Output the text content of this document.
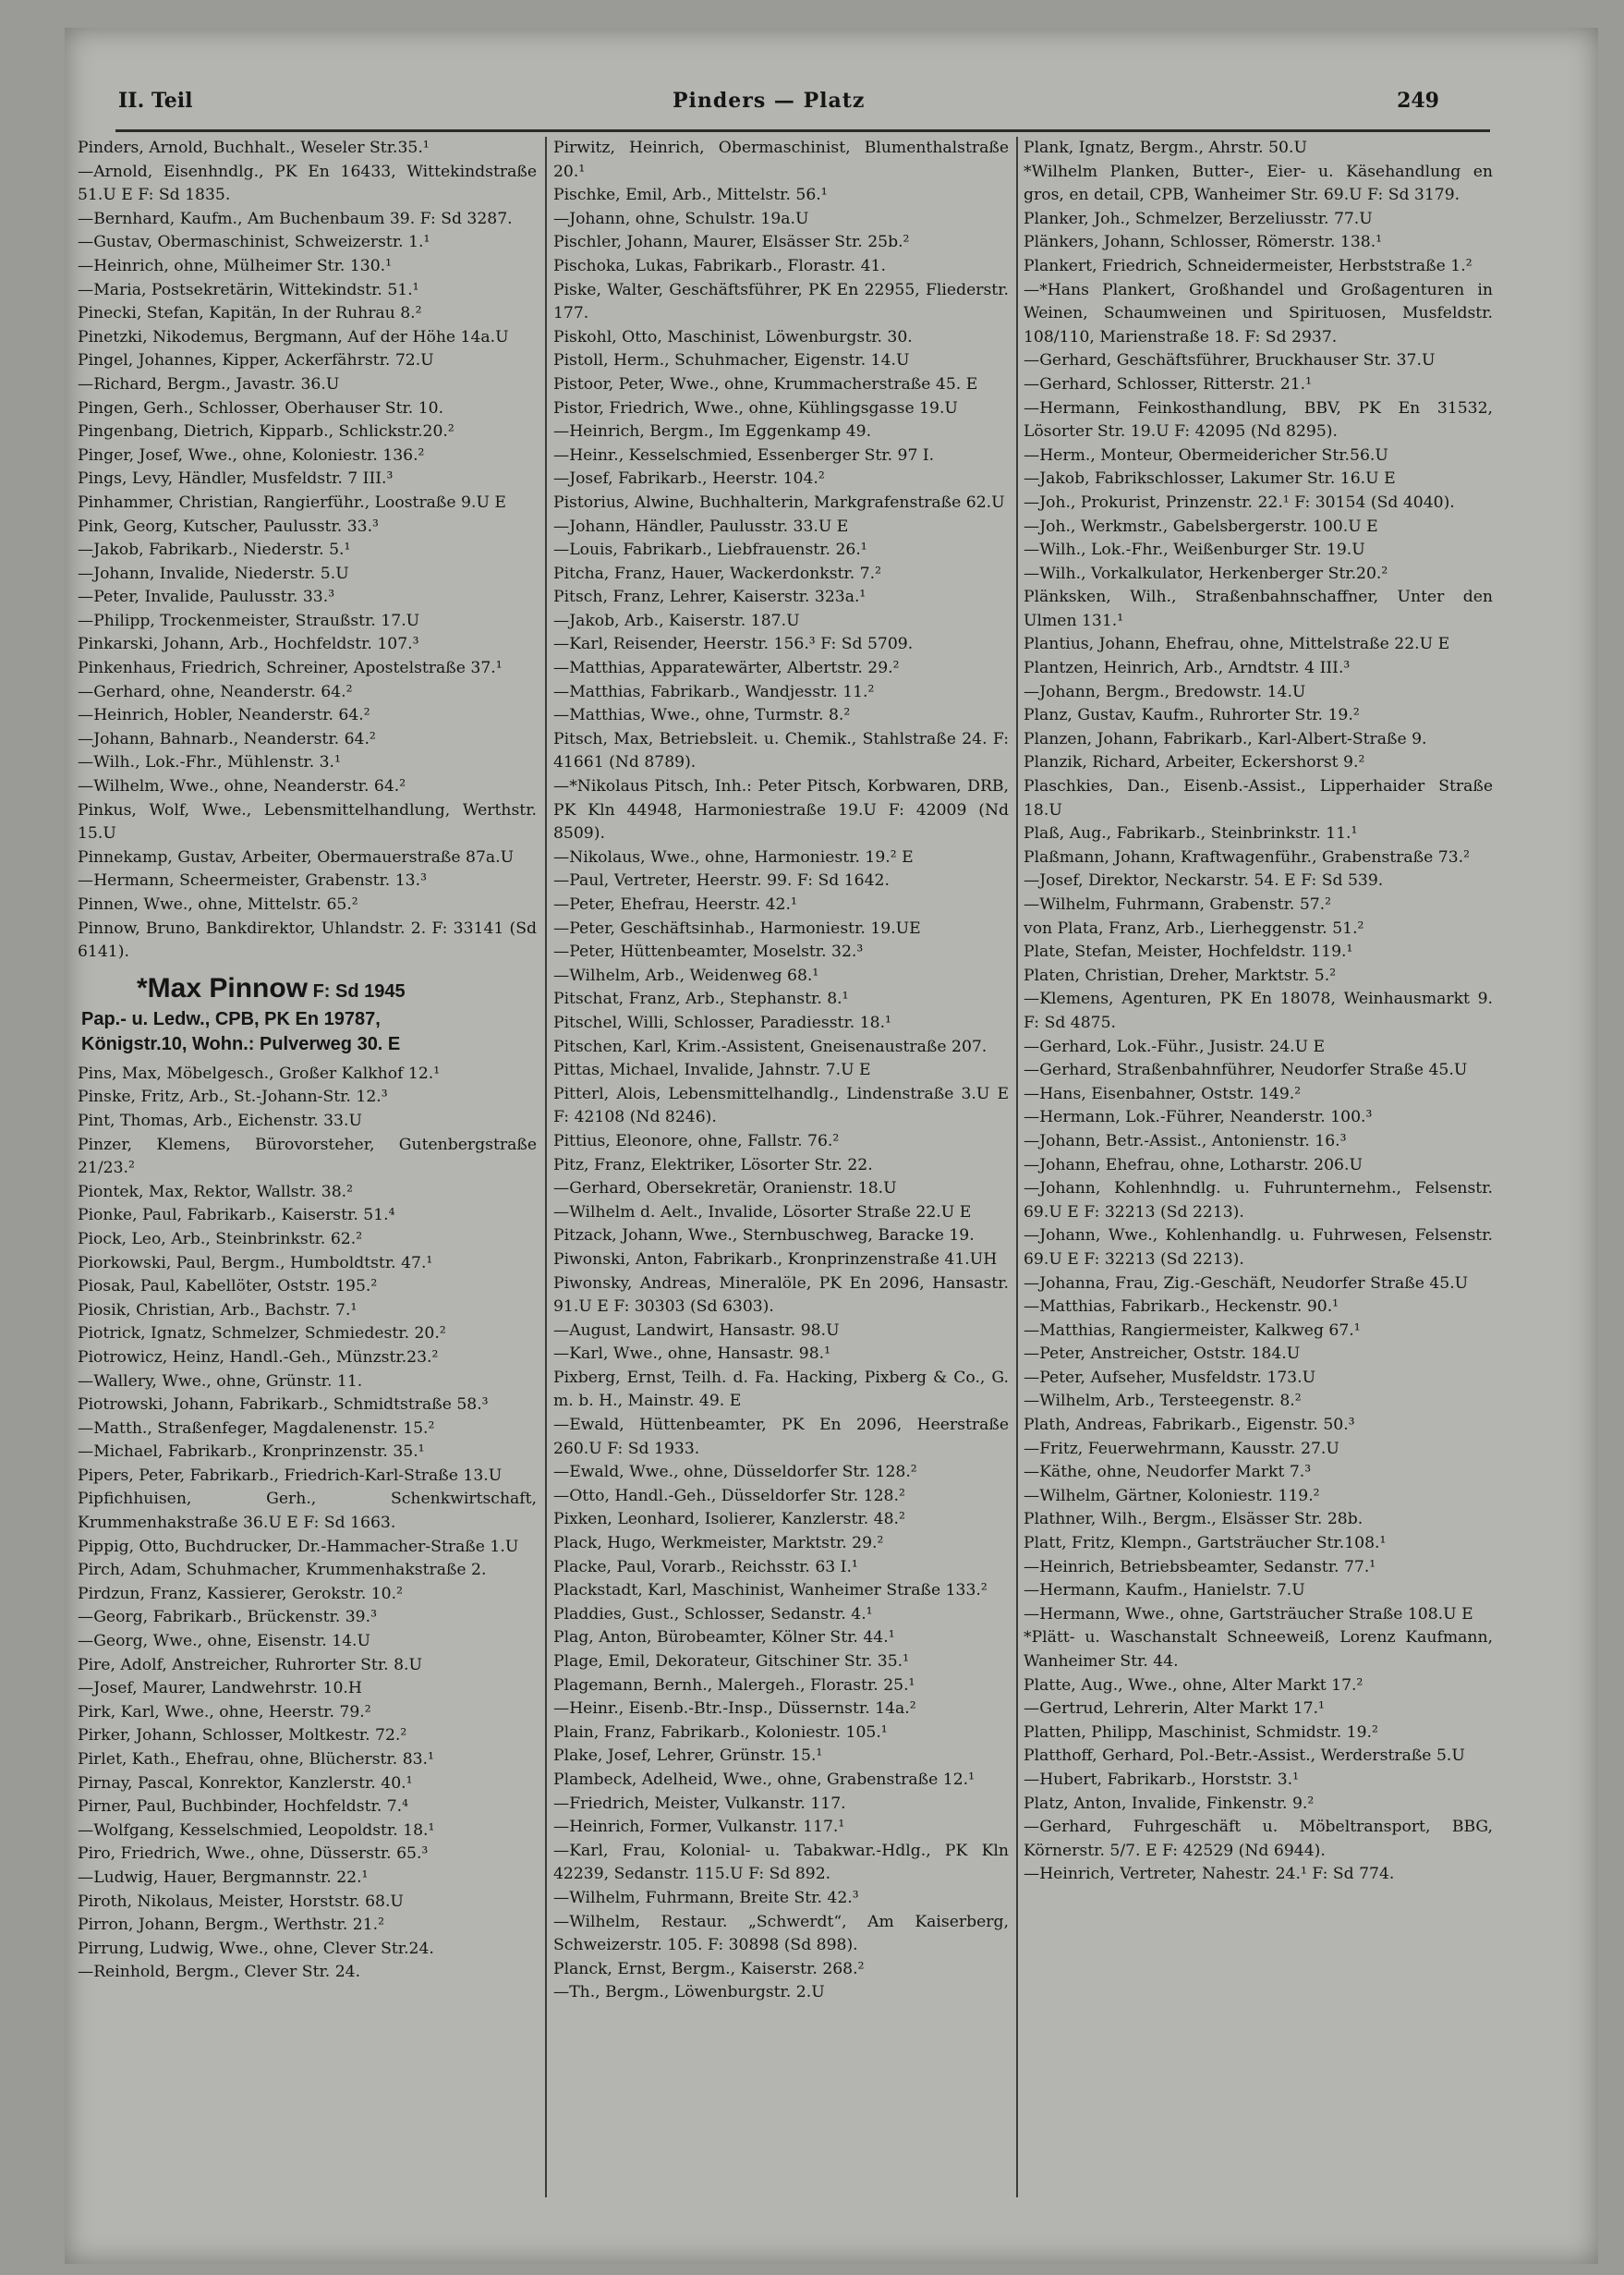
II. Teil	Pinders — Platz	249
Pinders, Arnold, Buchhalt., Weseler Str.35.¹
—Arnold, Eisenhndlg., PK En 16433, Wittekindstraße 51.U E F: Sd 1835.
—Bernhard, Kaufm., Am Buchenbaum 39. F: Sd 3287.
—Gustav, Obermaschinist, Schweizerstr. 1.¹
—Heinrich, ohne, Mülheimer Str. 130.¹
—Maria, Postsekretärin, Wittekindstr. 51.¹
Pinecki, Stefan, Kapitän, In der Ruhrau 8.²
Pinetzki, Nikodemus, Bergmann, Auf der Höhe 14a.U
Pingel, Johannes, Kipper, Ackerfährstr. 72.U
—Richard, Bergm., Javastr. 36.U
Pingen, Gerh., Schlosser, Oberhauser Str. 10.
Pingenbang, Dietrich, Kipparb., Schlickstr.20.²
Pinger, Josef, Wwe., ohne, Koloniestr. 136.²
Pings, Levy, Händler, Musfeldstr. 7 III.³
Pinhammer, Christian, Rangierführ., Loostraße 9.U E
Pink, Georg, Kutscher, Paulusstr. 33.³
—Jakob, Fabrikarb., Niederstr. 5.¹
—Johann, Invalide, Niederstr. 5.U
—Peter, Invalide, Paulusstr. 33.³
—Philipp, Trockenmeister, Straußstr. 17.U
Pinkarski, Johann, Arb., Hochfeldstr. 107.³
Pinkenhaus, Friedrich, Schreiner, Apostelstraße 37.¹
—Gerhard, ohne, Neanderstr. 64.²
—Heinrich, Hobler, Neanderstr. 64.²
—Johann, Bahnarb., Neanderstr. 64.²
—Wilh., Lok.-Fhr., Mühlenstr. 3.¹
—Wilhelm, Wwe., ohne, Neanderstr. 64.²
Pinkus, Wolf, Wwe., Lebensmittelhandlung, Werthstr. 15.U
Pinnekamp, Gustav, Arbeiter, Obermauerstraße 87a.U
—Hermann, Scheermeister, Grabenstr. 13.³
Pinnen, Wwe., ohne, Mittelstr. 65.²
Pinnow, Bruno, Bankdirektor, Uhlandstr. 2. F: 33141 (Sd 6141).
*Max Pinnow F: Sd 1945
Pap.- u. Ledw., CPB, PK En 19787,
Königstr.10, Wohn.: Pulverweg 30. E
Pins, Max, Möbelgesch., Großer Kalkhof 12.¹
Pinske, Fritz, Arb., St.-Johann-Str. 12.³
Pint, Thomas, Arb., Eichenstr. 33.U
Pinzer, Klemens, Bürovorsteher, Gutenbergstraße 21/23.²
Piontek, Max, Rektor, Wallstr. 38.²
Pionke, Paul, Fabrikarb., Kaiserstr. 51.⁴
Piock, Leo, Arb., Steinbrinkstr. 62.²
Piorkowski, Paul, Bergm., Humboldtstr. 47.¹
Piosak, Paul, Kabellöter, Oststr. 195.²
Piosik, Christian, Arb., Bachstr. 7.¹
Piotrick, Ignatz, Schmelzer, Schmiedestr. 20.²
Piotrowicz, Heinz, Handl.-Geh., Münzstr.23.²
—Wallery, Wwe., ohne, Grünstr. 11.
Piotrowski, Johann, Fabrikarb., Schmidtstraße 58.³
—Matth., Straßenfeger, Magdalenenstr. 15.²
—Michael, Fabrikarb., Kronprinzenstr. 35.¹
Pipers, Peter, Fabrikarb., Friedrich-Karl-Straße 13.U
Pipfichhuisen, Gerh., Schenkwirtschaft, Krummenhakstraße 36.U E F: Sd 1663.
Pippig, Otto, Buchdrucker, Dr.-Hammacher-Straße 1.U
Pirch, Adam, Schuhmacher, Krummenhakstraße 2.
Pirdzun, Franz, Kassierer, Gerokstr. 10.²
—Georg, Fabrikarb., Brückenstr. 39.³
—Georg, Wwe., ohne, Eisenstr. 14.U
Pire, Adolf, Anstreicher, Ruhrorter Str. 8.U
—Josef, Maurer, Landwehrstr. 10.H
Pirk, Karl, Wwe., ohne, Heerstr. 79.²
Pirker, Johann, Schlosser, Moltkestr. 72.²
Pirlet, Kath., Ehefrau, ohne, Blücherstr. 83.¹
Pirnay, Pascal, Konrektor, Kanzlerstr. 40.¹
Pirner, Paul, Buchbinder, Hochfeldstr. 7.⁴
—Wolfgang, Kesselschmied, Leopoldstr. 18.¹
Piro, Friedrich, Wwe., ohne, Düsserstr. 65.³
—Ludwig, Hauer, Bergmannstr. 22.¹
Piroth, Nikolaus, Meister, Horststr. 68.U
Pirron, Johann, Bergm., Werthstr. 21.²
Pirrung, Ludwig, Wwe., ohne, Clever Str.24.
—Reinhold, Bergm., Clever Str. 24.
Pirwitz, Heinrich, Obermaschinist, Blumenthalstraße 20.¹
Pischke, Emil, Arb., Mittelstr. 56.¹
—Johann, ohne, Schulstr. 19a.U
Pischler, Johann, Maurer, Elsässer Str. 25b.²
Pischoka, Lukas, Fabrikarb., Florastr. 41.
Piske, Walter, Geschäftsführer, PK En 22955, Fliederstr. 177.
Piskohl, Otto, Maschinist, Löwenburgstr. 30.
Pistoll, Herm., Schuhmacher, Eigenstr. 14.U
Pistoor, Peter, Wwe., ohne, Krummacherstraße 45. E
Pistor, Friedrich, Wwe., ohne, Kühlingsgasse 19.U
—Heinrich, Bergm., Im Eggenkamp 49.
—Heinr., Kesselschmied, Essenberger Str. 97 I.
—Josef, Fabrikarb., Heerstr. 104.²
Pistorius, Alwine, Buchhalterin, Markgrafenstraße 62.U
—Johann, Händler, Paulusstr. 33.U E
—Louis, Fabrikarb., Liebfrauenstr. 26.¹
Pitcha, Franz, Hauer, Wackerdonkstr. 7.²
Pitsch, Franz, Lehrer, Kaiserstr. 323a.¹
—Jakob, Arb., Kaiserstr. 187.U
—Karl, Reisender, Heerstr. 156.³ F: Sd 5709.
—Matthias, Apparatewärter, Albertstr. 29.²
—Matthias, Fabrikarb., Wandjesstr. 11.²
—Matthias, Wwe., ohne, Turmstr. 8.²
Pitsch, Max, Betriebsleit. u. Chemik., Stahlstraße 24. F: 41661 (Nd 8789).
—*Nikolaus Pitsch, Inh.: Peter Pitsch, Korbwaren, DRB, PK Kln 44948, Harmoniestraße 19.U F: 42009 (Nd 8509).
—Nikolaus, Wwe., ohne, Harmoniestr. 19.² E
—Paul, Vertreter, Heerstr. 99. F: Sd 1642.
—Peter, Ehefrau, Heerstr. 42.¹
—Peter, Geschäftsinhab., Harmoniestr. 19.UE
—Peter, Hüttenbeamter, Moselstr. 32.³
—Wilhelm, Arb., Weidenweg 68.¹
Pitschat, Franz, Arb., Stephanstr. 8.¹
Pitschel, Willi, Schlosser, Paradiesstr. 18.¹
Pitschen, Karl, Krim.-Assistent, Gneisenaustraße 207.
Pittas, Michael, Invalide, Jahnstr. 7.U E
Pitterl, Alois, Lebensmittelhandlg., Lindenstraße 3.U E F: 42108 (Nd 8246).
Pittius, Eleonore, ohne, Fallstr. 76.²
Pitz, Franz, Elektriker, Lösorter Str. 22.
—Gerhard, Obersekretär, Oranienstr. 18.U
—Wilhelm d. Aelt., Invalide, Lösorter Straße 22.U E
Pitzack, Johann, Wwe., Sternbuschweg, Baracke 19.
Piwonski, Anton, Fabrikarb., Kronprinzenstraße 41.UH
Piwonsky, Andreas, Mineralöle, PK En 2096, Hansastr. 91.U E F: 30303 (Sd 6303).
—August, Landwirt, Hansastr. 98.U
—Karl, Wwe., ohne, Hansastr. 98.¹
Pixberg, Ernst, Teilh. d. Fa. Hacking, Pixberg & Co., G. m. b. H., Mainstr. 49. E
—Ewald, Hüttenbeamter, PK En 2096, Heerstraße 260.U F: Sd 1933.
—Ewald, Wwe., ohne, Düsseldorfer Str. 128.²
—Otto, Handl.-Geh., Düsseldorfer Str. 128.²
Pixken, Leonhard, Isolierer, Kanzlerstr. 48.²
Plack, Hugo, Werkmeister, Marktstr. 29.²
Placke, Paul, Vorarb., Reichsstr. 63 I.¹
Plackstadt, Karl, Maschinist, Wanheimer Straße 133.²
Pladdies, Gust., Schlosser, Sedanstr. 4.¹
Plag, Anton, Bürobeamter, Kölner Str. 44.¹
Plage, Emil, Dekorateur, Gitschiner Str. 35.¹
Plagemann, Bernh., Malergeh., Florastr. 25.¹
—Heinr., Eisenb.-Btr.-Insp., Düssernstr. 14a.²
Plain, Franz, Fabrikarb., Koloniestr. 105.¹
Plake, Josef, Lehrer, Grünstr. 15.¹
Plambeck, Adelheid, Wwe., ohne, Grabenstraße 12.¹
—Friedrich, Meister, Vulkanstr. 117.
—Heinrich, Former, Vulkanstr. 117.¹
—Karl, Frau, Kolonial- u. Tabakwar.-Hdlg., PK Kln 42239, Sedanstr. 115.U F: Sd 892.
—Wilhelm, Fuhrmann, Breite Str. 42.³
—Wilhelm, Restaur. „Schwerdt“, Am Kaiserberg, Schweizerstr. 105. F: 30898 (Sd 898).
Planck, Ernst, Bergm., Kaiserstr. 268.²
—Th., Bergm., Löwenburgstr. 2.U
Plank, Ignatz, Bergm., Ahrstr. 50.U
*Wilhelm Planken, Butter-, Eier- u. Käsehandlung en gros, en detail, CPB, Wanheimer Str. 69.U F: Sd 3179.
Planker, Joh., Schmelzer, Berzeliusstr. 77.U
Plänkers, Johann, Schlosser, Römerstr. 138.¹
Plankert, Friedrich, Schneidermeister, Herbststraße 1.²
—*Hans Plankert, Großhandel und Großagenturen in Weinen, Schaumweinen und Spirituosen, Musfeldstr. 108/110, Marienstraße 18. F: Sd 2937.
—Gerhard, Geschäftsführer, Bruckhauser Str. 37.U
—Gerhard, Schlosser, Ritterstr. 21.¹
—Hermann, Feinkosthandlung, BBV, PK En 31532, Lösorter Str. 19.U F: 42095 (Nd 8295).
—Herm., Monteur, Obermeidericher Str.56.U
—Jakob, Fabrikschlosser, Lakumer Str. 16.U E
—Joh., Prokurist, Prinzenstr. 22.¹ F: 30154 (Sd 4040).
—Joh., Werkmstr., Gabelsbergerstr. 100.U E
—Wilh., Lok.-Fhr., Weißenburger Str. 19.U
—Wilh., Vorkalkulator, Herkenberger Str.20.²
Plänksken, Wilh., Straßenbahnschaffner, Unter den Ulmen 131.¹
Plantius, Johann, Ehefrau, ohne, Mittelstraße 22.U E
Plantzen, Heinrich, Arb., Arndtstr. 4 III.³
—Johann, Bergm., Bredowstr. 14.U
Planz, Gustav, Kaufm., Ruhrorter Str. 19.²
Planzen, Johann, Fabrikarb., Karl-Albert-Straße 9.
Planzik, Richard, Arbeiter, Eckershorst 9.²
Plaschkies, Dan., Eisenb.-Assist., Lipperhaider Straße 18.U
Plaß, Aug., Fabrikarb., Steinbrinkstr. 11.¹
Plaßmann, Johann, Kraftwagenführ., Grabenstraße 73.²
—Josef, Direktor, Neckarstr. 54. E F: Sd 539.
—Wilhelm, Fuhrmann, Grabenstr. 57.²
von Plata, Franz, Arb., Lierheggenstr. 51.²
Plate, Stefan, Meister, Hochfeldstr. 119.¹
Platen, Christian, Dreher, Marktstr. 5.²
—Klemens, Agenturen, PK En 18078, Weinhausmarkt 9. F: Sd 4875.
—Gerhard, Lok.-Führ., Jusistr. 24.U E
—Gerhard, Straßenbahnführer, Neudorfer Straße 45.U
—Hans, Eisenbahner, Oststr. 149.²
—Hermann, Lok.-Führer, Neanderstr. 100.³
—Johann, Betr.-Assist., Antonienstr. 16.³
—Johann, Ehefrau, ohne, Lotharstr. 206.U
—Johann, Kohlenhndlg. u. Fuhrunternehm., Felsenstr. 69.U E F: 32213 (Sd 2213).
—Johann, Wwe., Kohlenhandlg. u. Fuhrwesen, Felsenstr. 69.U E F: 32213 (Sd 2213).
—Johanna, Frau, Zig.-Geschäft, Neudorfer Straße 45.U
—Matthias, Fabrikarb., Heckenstr. 90.¹
—Matthias, Rangiermeister, Kalkweg 67.¹
—Peter, Anstreicher, Oststr. 184.U
—Peter, Aufseher, Musfeldstr. 173.U
—Wilhelm, Arb., Tersteegenstr. 8.²
Plath, Andreas, Fabrikarb., Eigenstr. 50.³
—Fritz, Feuerwehrmann, Kausstr. 27.U
—Käthe, ohne, Neudorfer Markt 7.³
—Wilhelm, Gärtner, Koloniestr. 119.²
Plathner, Wilh., Bergm., Elsässer Str. 28b.
Platt, Fritz, Klempn., Gartsträucher Str.108.¹
—Heinrich, Betriebsbeamter, Sedanstr. 77.¹
—Hermann, Kaufm., Hanielstr. 7.U
—Hermann, Wwe., ohne, Gartsträucher Straße 108.U E
*Plätt- u. Waschanstalt Schneeweiß, Lorenz Kaufmann, Wanheimer Str. 44.
Platte, Aug., Wwe., ohne, Alter Markt 17.²
—Gertrud, Lehrerin, Alter Markt 17.¹
Platten, Philipp, Maschinist, Schmidstr. 19.²
Platthoff, Gerhard, Pol.-Betr.-Assist., Werderstraße 5.U
—Hubert, Fabrikarb., Horststr. 3.¹
Platz, Anton, Invalide, Finkenstr. 9.²
—Gerhard, Fuhrgeschäft u. Möbeltransport, BBG, Körnerstr. 5/7. E F: 42529 (Nd 6944).
—Heinrich, Vertreter, Nahestr. 24.¹ F: Sd 774.
